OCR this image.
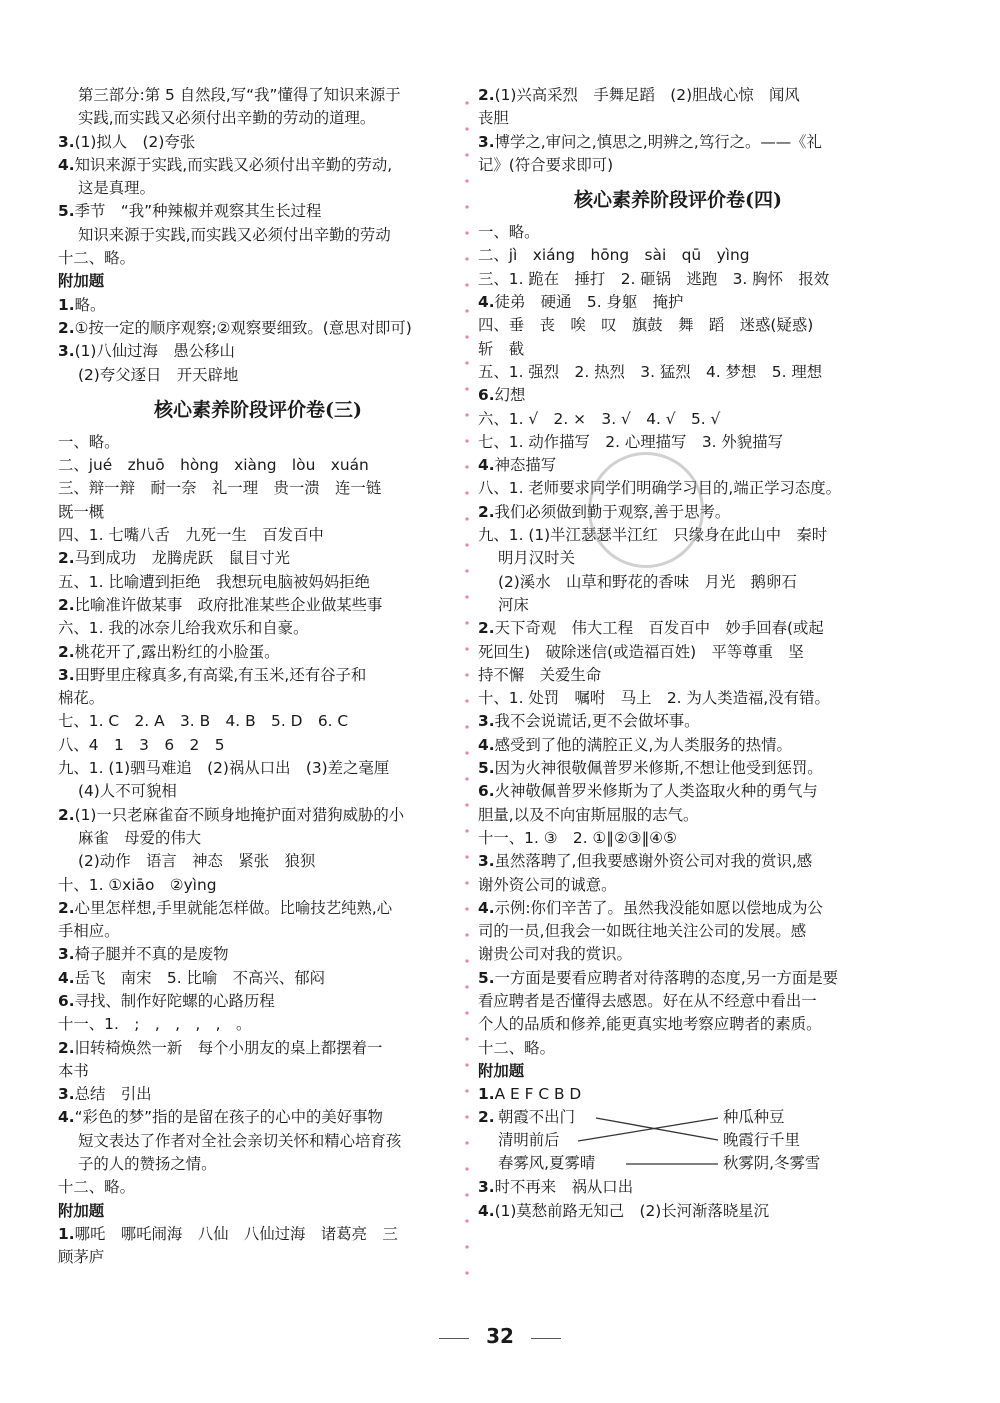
第三部分:第 5 自然段,写“我”懂得了知识来源于
实践,而实践又必须付出辛勤的劳动的道理。
3.(1)拟人　(2)夸张
4.知识来源于实践,而实践又必须付出辛勤的劳动,
这是真理。
5.季节　“我”种辣椒并观察其生长过程
知识来源于实践,而实践又必须付出辛勤的劳动
十二、略。
附加题
1.略。
2.①按一定的顺序观察;②观察要细致。(意思对即可)
3.(1)八仙过海　愚公移山
(2)夸父逐日　开天辟地
核心素养阶段评价卷(三)
一、略。
二、jué　zhuō　hòng　xiàng　lòu　xuán
三、辩一辩　耐一奈　礼一理　贵一溃　连一链
既一概
四、1. 七嘴八舌　九死一生　百发百中
2.马到成功　龙腾虎跃　鼠目寸光
五、1. 比喻遭到拒绝　我想玩电脑被妈妈拒绝
2.比喻准许做某事　政府批准某些企业做某些事
六、1. 我的冰奈儿给我欢乐和自豪。
2.桃花开了,露出粉红的小脸蛋。
3.田野里庄稼真多,有高粱,有玉米,还有谷子和
棉花。
七、1. C　2. A　3. B　4. B　5. D　6. C
八、4　1　3　6　2　5
九、1. (1)驷马难追　(2)祸从口出　(3)差之毫厘
(4)人不可貌相
2.(1)一只老麻雀奋不顾身地掩护面对猎狗威胁的小
麻雀　母爱的伟大
(2)动作　语言　神态　紧张　狼狈
十、1. ①xiāo　②yìng
2.心里怎样想,手里就能怎样做。比喻技艺纯熟,心
手相应。
3.椅子腿并不真的是废物
4.岳飞　南宋　5. 比喻　不高兴、郁闷
6.寻找、制作好陀螺的心路历程
十一、1.　;　,　,　,　,　。
2.旧转椅焕然一新　每个小朋友的桌上都摆着一
本书
3.总结　引出
4.“彩色的梦”指的是留在孩子的心中的美好事物
短文表达了作者对全社会亲切关怀和精心培育孩
子的人的赞扬之情。
十二、略。
附加题
1.哪吒　哪吒闹海　八仙　八仙过海　诸葛亮　三
顾茅庐
2.(1)兴高采烈　手舞足蹈　(2)胆战心惊　闻风
丧胆
3.博学之,审问之,慎思之,明辨之,笃行之。——《礼
记》(符合要求即可)
核心素养阶段评价卷(四)
一、略。
二、jì　xiáng　hōng　sài　qū　yìng
三、1. 跪在　捶打　2. 砸锅　逃跑　3. 胸怀　报效
4.徒弟　硬通　5. 身躯　掩护
四、垂　丧　唉　叹　旗鼓　舞　蹈　迷惑(疑惑)
斩　截
五、1. 强烈　2. 热烈　3. 猛烈　4. 梦想　5. 理想
6.幻想
六、1. √　2. ×　3. √　4. √　5. √
七、1. 动作描写　2. 心理描写　3. 外貌描写
4.神态描写
八、1. 老师要求同学们明确学习目的,端正学习态度。
2.我们必须做到勤于观察,善于思考。
九、1. (1)半江瑟瑟半江红　只缘身在此山中　秦时
明月汉时关
(2)溪水　山草和野花的香味　月光　鹅卵石
河床
2.天下奇观　伟大工程　百发百中　妙手回春(或起
死回生)　破除迷信(或造福百姓)　平等尊重　坚
持不懈　关爱生命
十、1. 处罚　嘱咐　马上　2. 为人类造福,没有错。
3.我不会说谎话,更不会做坏事。
4.感受到了他的满腔正义,为人类服务的热情。
5.因为火神很敬佩普罗米修斯,不想让他受到惩罚。
6.火神敬佩普罗米修斯为了人类盗取火种的勇气与
胆量,以及不向宙斯屈服的志气。
十一、1. ③　2. ①‖②③‖④⑤
3.虽然落聘了,但我要感谢外资公司对我的赏识,感
谢外资公司的诚意。
4.示例:你们辛苦了。虽然我没能如愿以偿地成为公
司的一员,但我会一如既往地关注公司的发展。感
谢贵公司对我的赏识。
5.一方面是要看应聘者对待落聘的态度,另一方面是要
看应聘者是否懂得去感恩。好在从不经意中看出一
个人的品质和修养,能更真实地考察应聘者的素质。
十二、略。
附加题
1.A E F C B D
2. 朝霞不出门
清明前后
春雾风,夏雾晴
种瓜种豆
晚霞行千里
秋雾阴,冬雾雪
3.时不再来　祸从口出
4.(1)莫愁前路无知己　(2)长河渐落晓星沉
32
